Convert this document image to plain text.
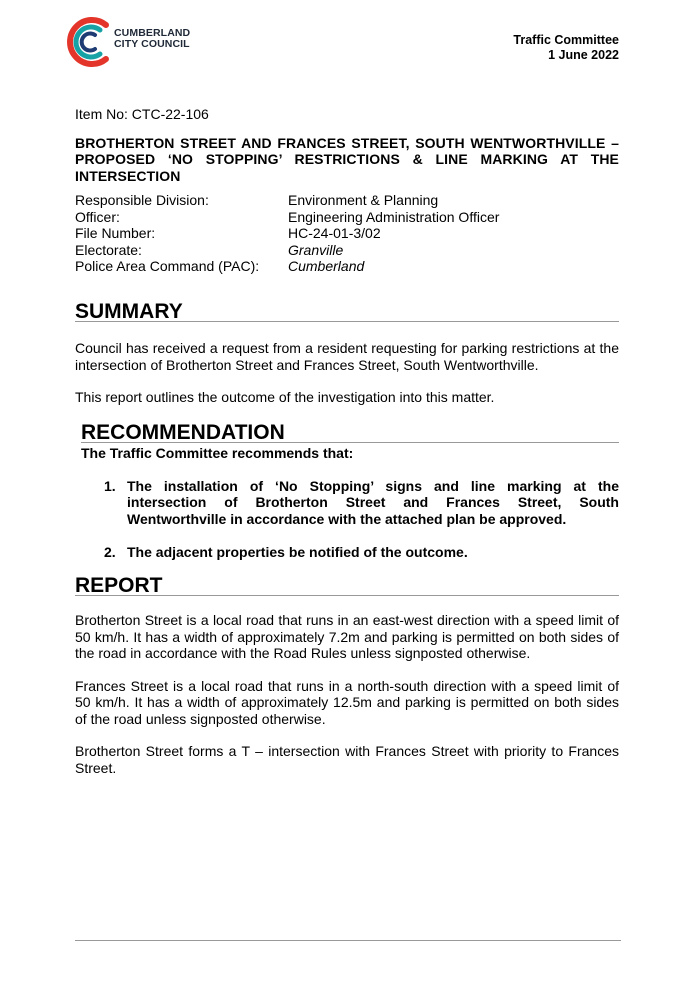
CUMBERLAND
CITY COUNCIL	Traffic Committee
1 June 2022

Item No: CTC-22-106

BROTHERTON STREET AND FRANCES STREET, SOUTH WENTWORTHVILLE – PROPOSED ‘NO STOPPING’ RESTRICTIONS & LINE MARKING AT THE INTERSECTION

Responsible Division:	Environment & Planning
Officer:	Engineering Administration Officer
File Number:	HC-24-01-3/02
Electorate:	Granville
Police Area Command (PAC):	Cumberland
SUMMARY

Council has received a request from a resident requesting for parking restrictions at the intersection of Brotherton Street and Frances Street, South Wentworthville.

This report outlines the outcome of the investigation into this matter.

RECOMMENDATION

The Traffic Committee recommends that:

1. The installation of ‘No Stopping’ signs and line marking at the intersection of Brotherton Street and Frances Street, South Wentworthville in accordance with the attached plan be approved.
2. The adjacent properties be notified of the outcome.
REPORT

Brotherton Street is a local road that runs in an east-west direction with a speed limit of 50 km/h. It has a width of approximately 7.2m and parking is permitted on both sides of the road in accordance with the Road Rules unless signposted otherwise.

Frances Street is a local road that runs in a north-south direction with a speed limit of 50 km/h. It has a width of approximately 12.5m and parking is permitted on both sides of the road unless signposted otherwise.

Brotherton Street forms a T – intersection with Frances Street with priority to Frances Street.
